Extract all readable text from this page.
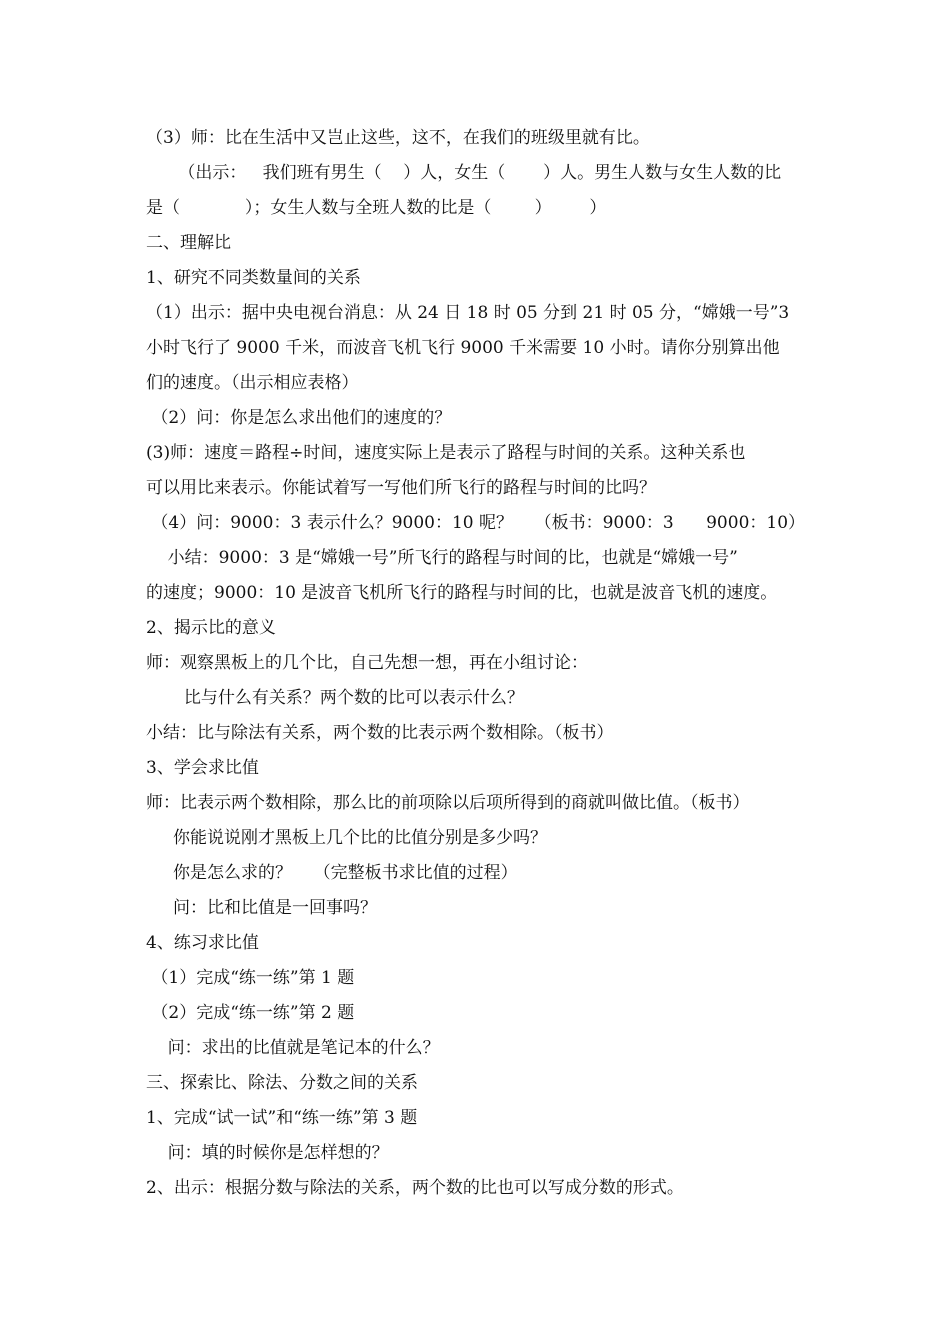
（3）师：比在生活中又岂止这些，这不，在我们的班级里就有比。
（出示：   我们班有男生（    ）人，女生（       ）人。男生人数与女生人数的比
是（            ）；女生人数与全班人数的比是（        ）       ）
二、理解比
1、研究不同类数量间的关系
（1）出示：据中央电视台消息：从 24 日 18 时 05 分到 21 时 05 分，“嫦娥一号”3
小时飞行了 9000 千米，而波音飞机飞行 9000 千米需要 10 小时。请你分别算出他
们的速度。（出示相应表格）
（2）问：你是怎么求出他们的速度的？
(3)师：速度＝路程÷时间，速度实际上是表示了路程与时间的关系。这种关系也
可以用比来表示。你能试着写一写他们所飞行的路程与时间的比吗？
（4）问：9000：3 表示什么？9000：10 呢？    （板书：9000：3      9000：10）
小结：9000：3 是“嫦娥一号”所飞行的路程与时间的比，也就是“嫦娥一号”
的速度；9000：10 是波音飞机所飞行的路程与时间的比，也就是波音飞机的速度。
2、揭示比的意义
师：观察黑板上的几个比，自己先想一想，再在小组讨论：
比与什么有关系？两个数的比可以表示什么？
小结：比与除法有关系，两个数的比表示两个数相除。（板书）
3、学会求比值
师：比表示两个数相除，那么比的前项除以后项所得到的商就叫做比值。（板书）
你能说说刚才黑板上几个比的比值分别是多少吗？
你是怎么求的？    （完整板书求比值的过程）
问：比和比值是一回事吗？
4、练习求比值
（1）完成“练一练”第 1 题
（2）完成“练一练”第 2 题
问：求出的比值就是笔记本的什么？
三、探索比、除法、分数之间的关系
1、完成“试一试”和“练一练”第 3 题
问：填的时候你是怎样想的？
2、出示：根据分数与除法的关系，两个数的比也可以写成分数的形式。
